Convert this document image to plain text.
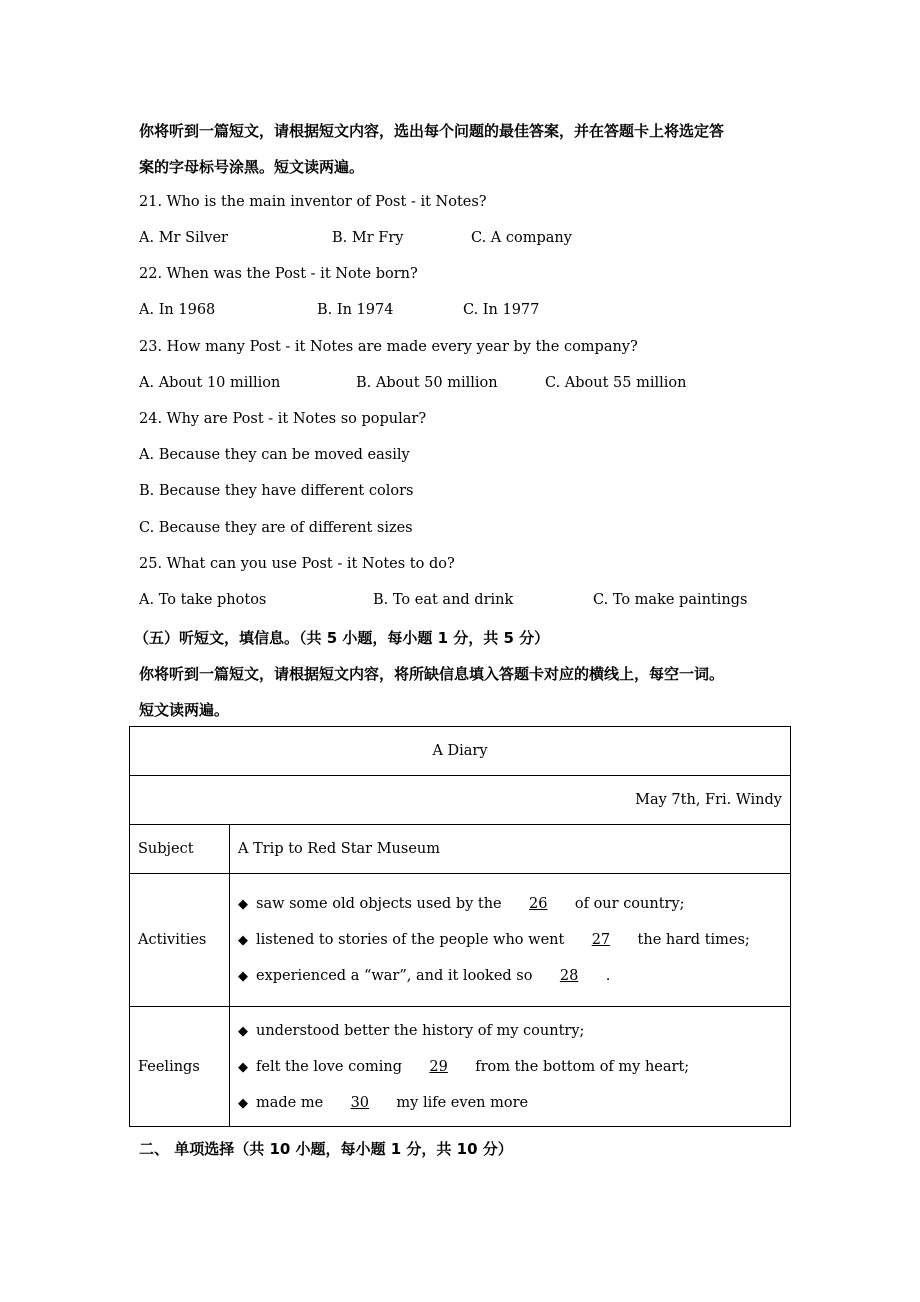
你将听到一篇短文，请根据短文内容，选出每个问题的最佳答案，并在答题卡上将选定答
案的字母标号涂黑。短文读两遍。
21. Who is the main inventor of Post - it Notes?
A. Mr Silver	B. Mr Fry	C. A company
22. When was the Post - it Note born?
A. In 1968	B. In 1974	C. In 1977
23. How many Post - it Notes are made every year by the company?
A. About 10 million	B. About 50 million	C. About 55 million
24. Why are Post - it Notes so popular?
A. Because they can be moved easily
B. Because they have different colors
C. Because they are of different sizes
25. What can you use Post - it Notes to do?
A. To take photos	B. To eat and drink	C. To make paintings
（五）听短文，填信息。（共 5 小题，每小题 1 分，共 5 分）
你将听到一篇短文，请根据短文内容，将所缺信息填入答题卡对应的横线上，每空一词。
短文读两遍。
A Diary	
May 7th, Fri. Windy	
Subject	A Trip to Red Star Museum
Activities	◆ saw some old objects used by the 26 of our country;
◆ listened to stories of the people who went 27 the hard times;
◆ experienced a “war”, and it looked so 28 .

Feelings	◆ understood better the history of my country;
◆ felt the love coming 29 from the bottom of my heart;
◆ made me 30 my life even more
二、 单项选择（共 10 小题，每小题 1 分，共 10 分）
